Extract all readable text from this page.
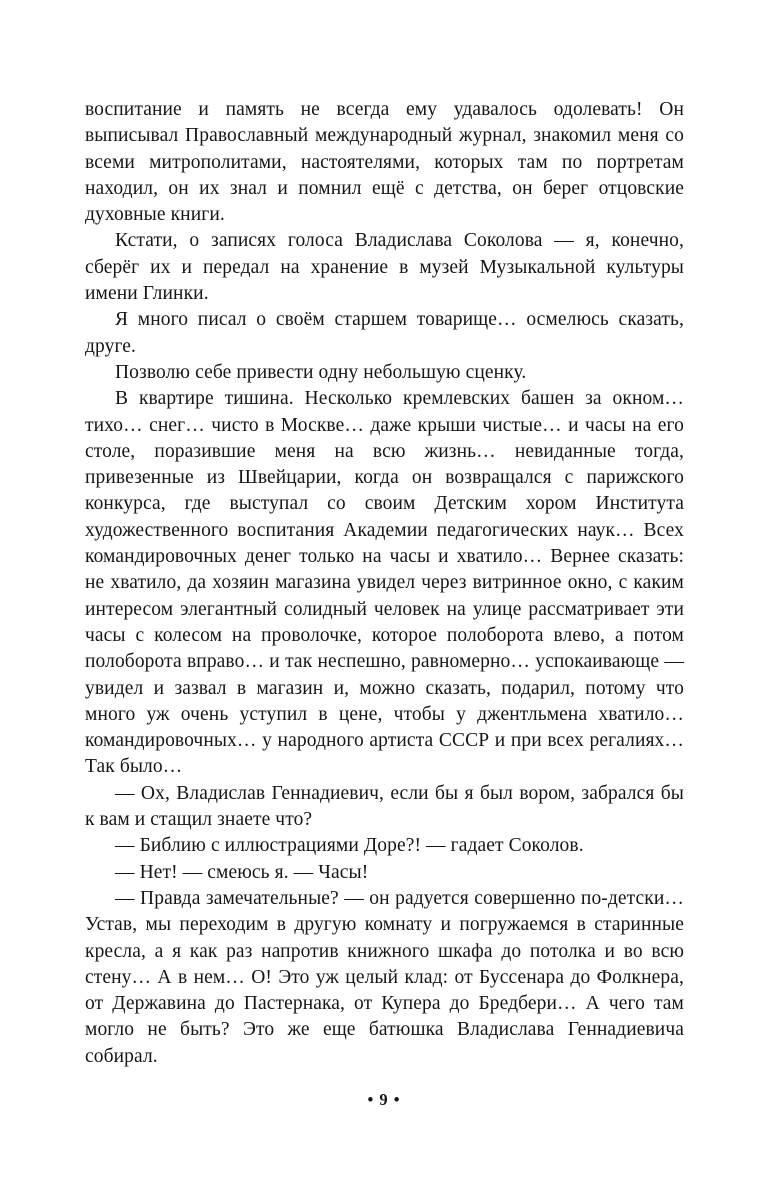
воспитание и память не всегда ему удавалось одолевать! Он выписывал Православный международный журнал, знакомил меня со всеми митрополитами, настоятелями, которых там по портретам находил, он их знал и помнил ещё с детства, он берег отцовские духовные книги.

Кстати, о записях голоса Владислава Соколова — я, конечно, сберёг их и передал на хранение в музей Музыкальной культуры имени Глинки.

Я много писал о своём старшем товарище… осмелюсь сказать, друге.

Позволю себе привести одну небольшую сценку.

В квартире тишина. Несколько кремлевских башен за окном… тихо… снег… чисто в Москве… даже крыши чистые… и часы на его столе, поразившие меня на всю жизнь… невиданные тогда, привезенные из Швейцарии, когда он возвращался с парижского конкурса, где выступал со своим Детским хором Института художественного воспитания Академии педагогических наук… Всех командировочных денег только на часы и хватило… Вернее сказать: не хватило, да хозяин магазина увидел через витринное окно, с каким интересом элегантный солидный человек на улице рассматривает эти часы с колесом на проволочке, которое полоборота влево, а потом полоборота вправо… и так неспешно, равномерно… успокаивающе — увидел и зазвал в магазин и, можно сказать, подарил, потому что много уж очень уступил в цене, чтобы у джентльмена хватило… командировочных… у народного артиста СССР и при всех регалиях… Так было…

— Ох, Владислав Геннадиевич, если бы я был вором, забрался бы к вам и стащил знаете что?

— Библию с иллюстрациями Доре?! — гадает Соколов.

— Нет! — смеюсь я. — Часы!

— Правда замечательные? — он радуется совершенно по-детски… Устав, мы переходим в другую комнату и погружаемся в старинные кресла, а я как раз напротив книжного шкафа до потолка и во всю стену… А в нем… О! Это уж целый клад: от Буссенара до Фолкнера, от Державина до Пастернака, от Купера до Бредбери… А чего там могло не быть? Это же еще батюшка Владислава Геннадиевича собирал.

• 9 •
